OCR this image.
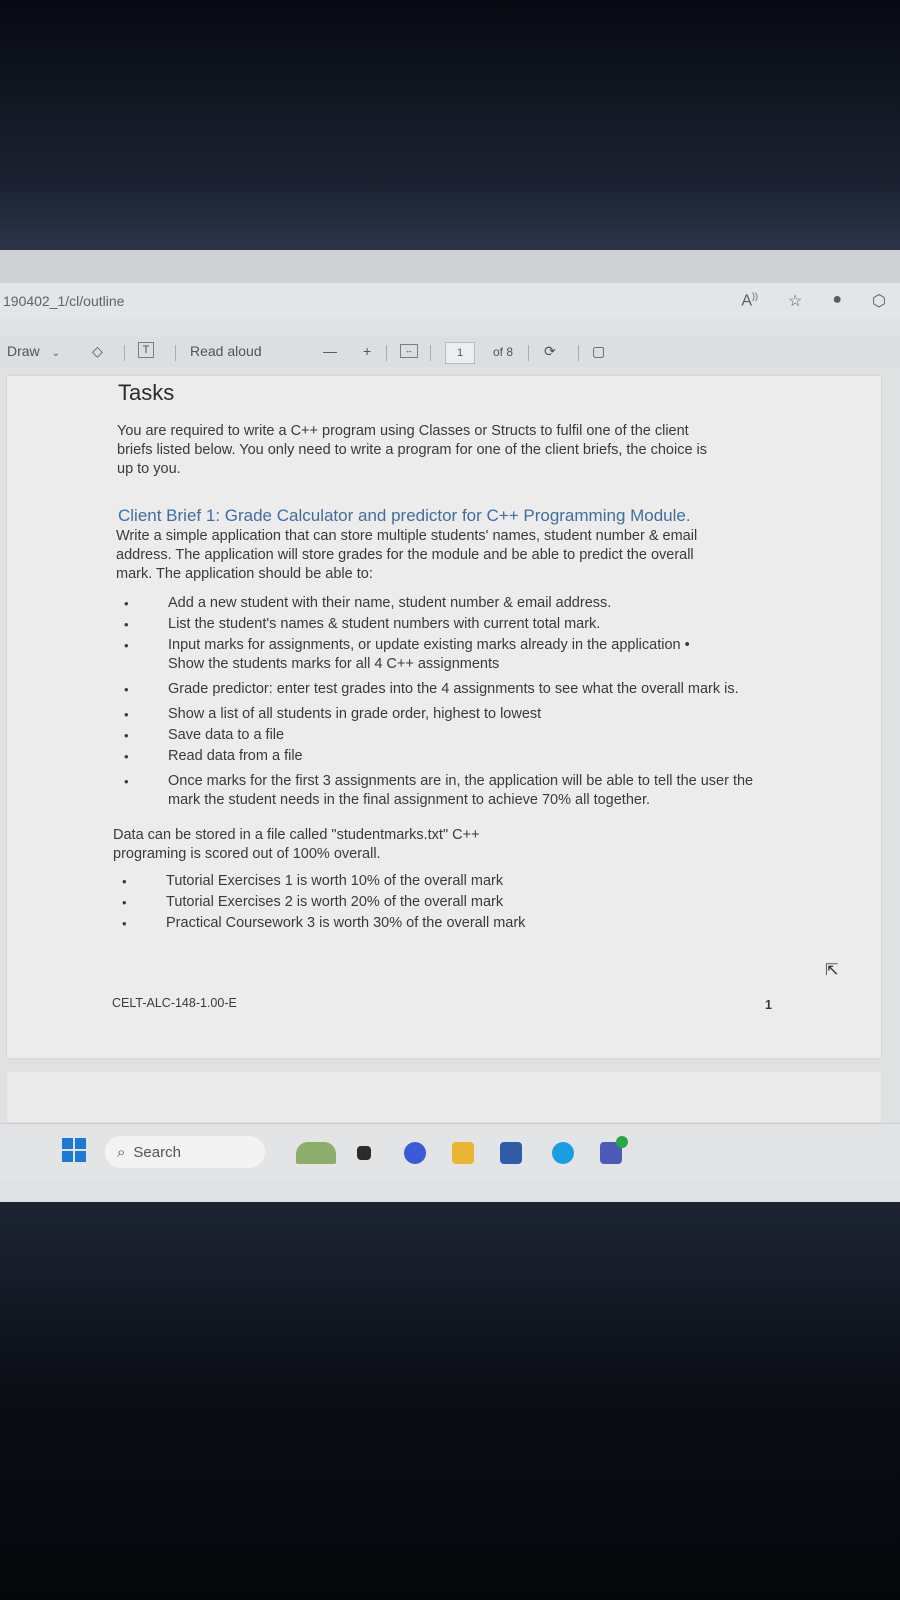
190402_1/cl/outline	A)) ☆ ● ⬡
Draw ⌄ ◇	T	Read aloud	— +	↔	1	of 8 ⟳	▢
Tasks
You are required to write a C++ program using Classes or Structs to fulfil one of the client
briefs listed below. You only need to write a program for one of the client briefs, the choice is
up to you.
Client Brief 1: Grade Calculator and predictor for C++ Programming Module.
Write a simple application that can store multiple students' names, student number & email
address. The application will store grades for the module and be able to predict the overall
mark. The application should be able to:
• Add a new student with their name, student number & email address.
• List the student's names & student numbers with current total mark.
• Input marks for assignments, or update existing marks already in the application •
Show the students marks for all 4 C++ assignments
• Grade predictor: enter test grades into the 4 assignments to see what the overall mark is.
• Show a list of all students in grade order, highest to lowest
• Save data to a file
• Read data from a file
• Once marks for the first 3 assignments are in, the application will be able to tell the user the mark the student needs in the final assignment to achieve 70% all together.
Data can be stored in a file called "studentmarks.txt" C++
programing is scored out of 100% overall.
• Tutorial Exercises 1 is worth 10% of the overall mark
• Tutorial Exercises 2 is worth 20% of the overall mark
• Practical Coursework 3 is worth 30% of the overall mark
CELT-ALC-148-1.00-E	1
⌕ Search
⇱
